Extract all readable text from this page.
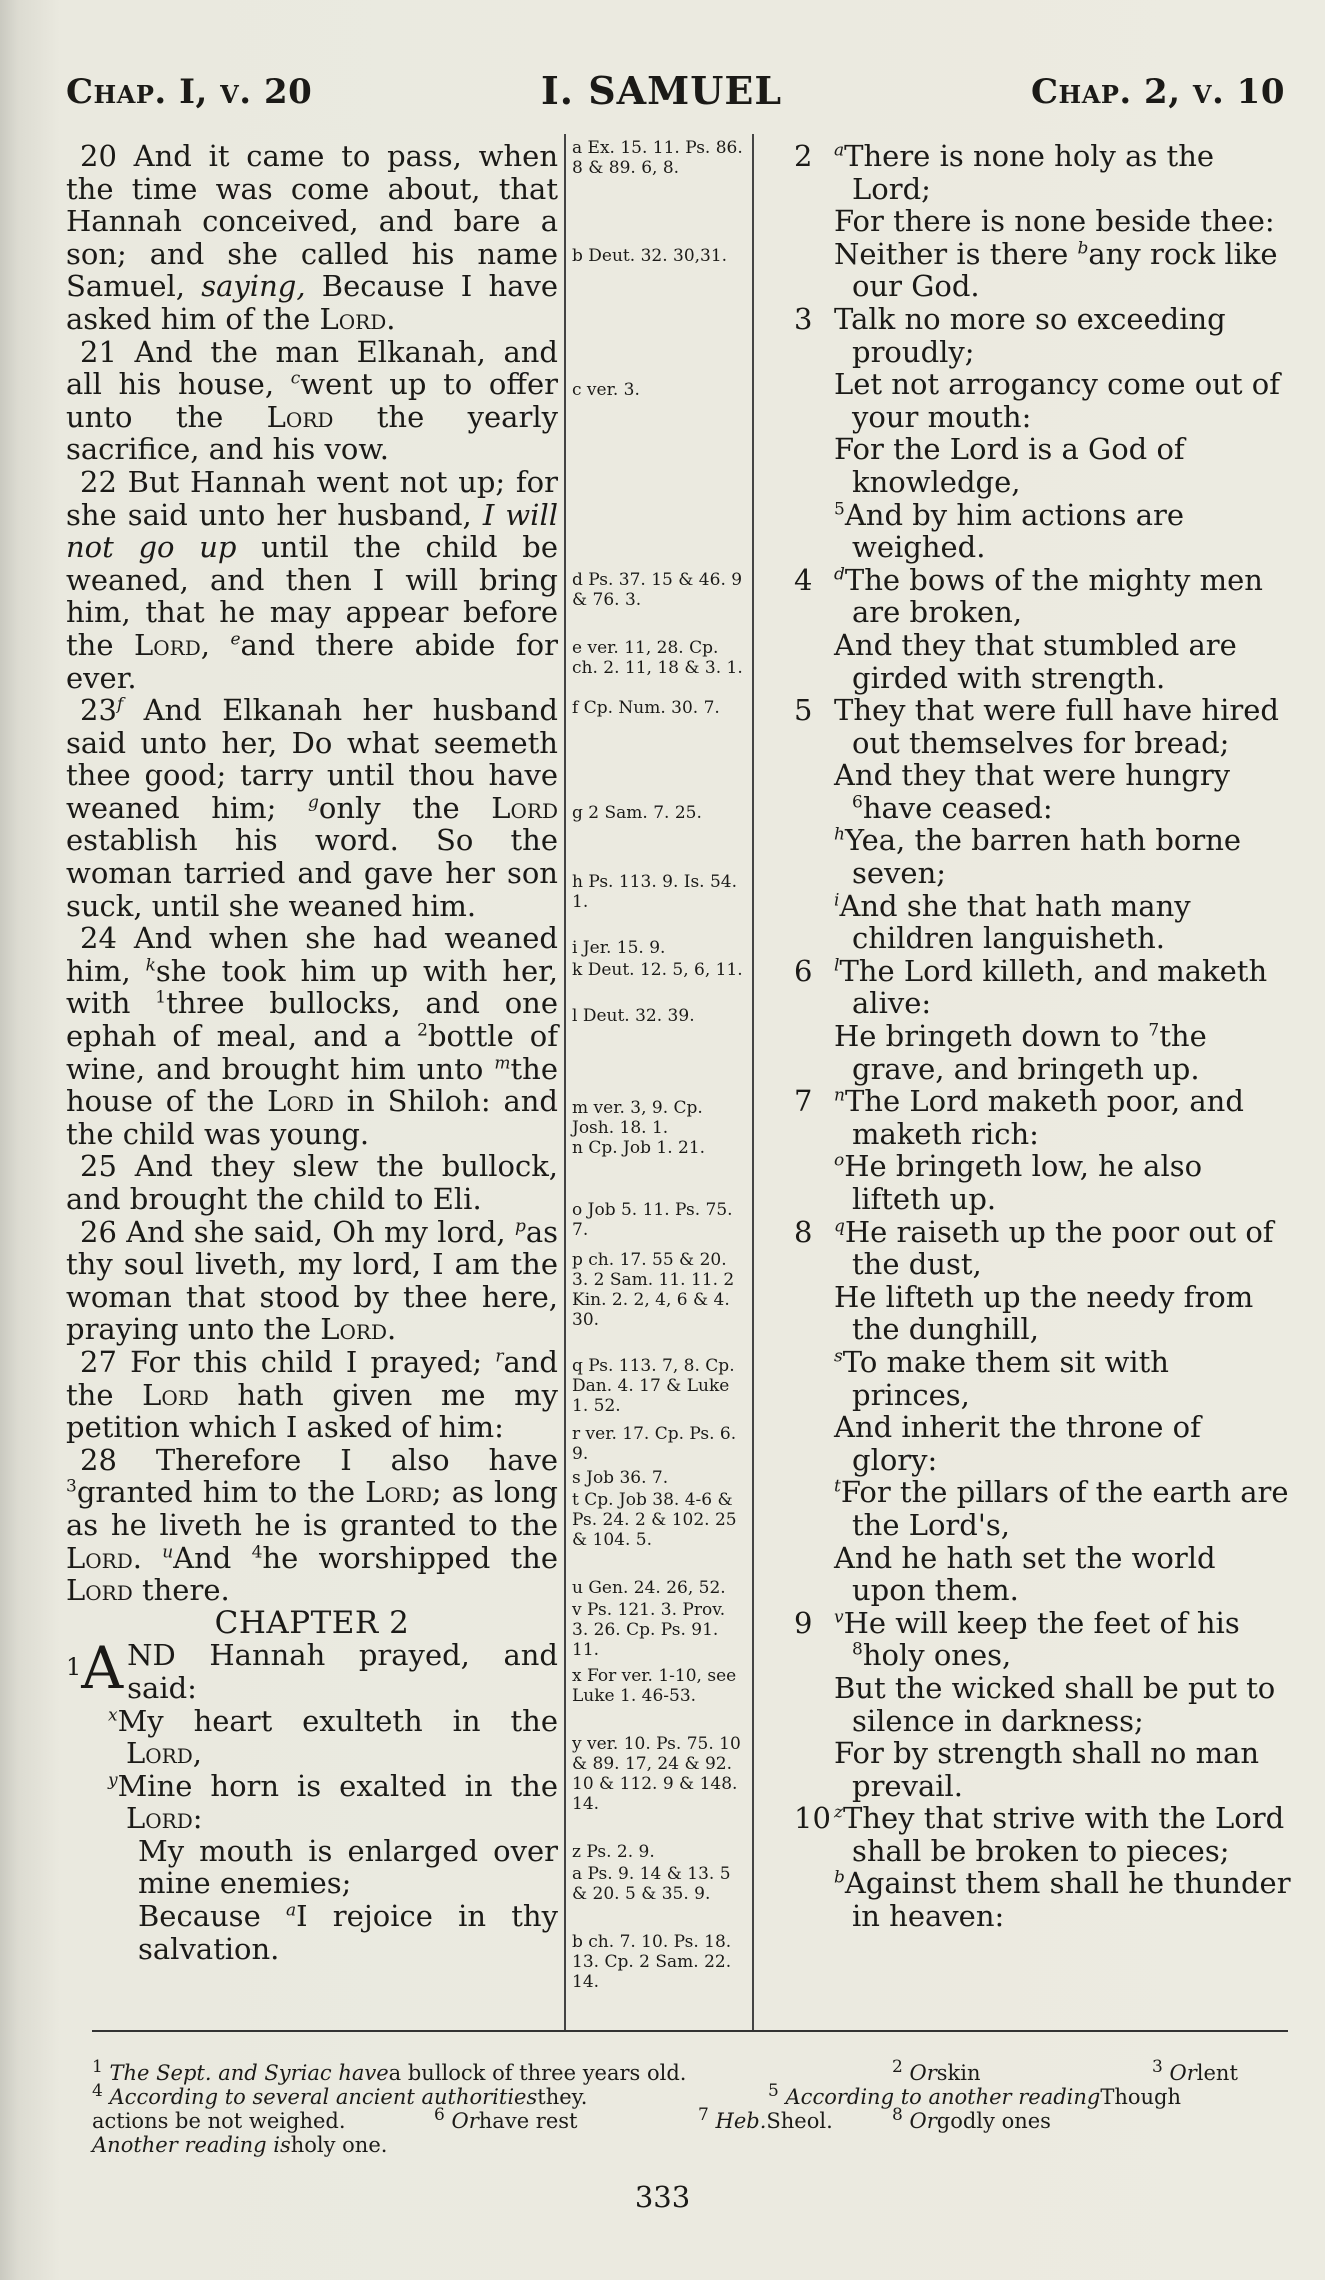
Chap. I, v. 20	I. SAMUEL	Chap. 2, v. 10

20 And it came to pass, when the time was come about, that Hannah conceived, and bare a son; and she called his name Samuel, saying, Because I have asked him of the Lord.

21 And the man Elkanah, and all his house, $^c$went up to offer unto the Lord the yearly sacrifice, and his vow.

22 But Hannah went not up; for she said unto her husband, I will not go up until the child be weaned, and then I will bring him, that he may appear before the Lord, $^e$and there abide for ever.

23$^f$ And Elkanah her husband said unto her, Do what seemeth thee good; tarry until thou have weaned him; $^g$only the Lord establish his word. So the woman tarried and gave her son suck, until she weaned him.

24 And when she had weaned him, $^k$she took him up with her, with $^1$three bullocks, and one ephah of meal, and a $^2$bottle of wine, and brought him unto $^m$the house of the Lord in Shiloh: and the child was young.

25 And they slew the bullock, and brought the child to Eli.

26 And she said, Oh my lord, $^p$as thy soul liveth, my lord, I am the woman that stood by thee here, praying unto the Lord.

27 For this child I prayed; $^r$and the Lord hath given me my petition which I asked of him:

28 Therefore I also have $^3$granted him to the Lord; as long as he liveth he is granted to the Lord. $^u$And $^4$he worshipped the Lord there.

CHAPTER 2

1 A ND Hannah prayed, and said:

$^x$My heart exulteth in the Lord,

$^y$Mine horn is exalted in the Lord:

My mouth is enlarged over mine enemies;

Because $^a$I rejoice in thy salvation.

a Ex. 15. 11. Ps. 86. 8 & 89. 6, 8.
b Deut. 32. 30,31.
c ver. 3.
d Ps. 37. 15 & 46. 9 & 76. 3.
e ver. 11, 28. Cp. ch. 2. 11, 18 & 3. 1.
f Cp. Num. 30. 7.
g 2 Sam. 7. 25.
h Ps. 113. 9. Is. 54. 1.
i Jer. 15. 9.
k Deut. 12. 5, 6, 11.
l Deut. 32. 39.
m ver. 3, 9. Cp. Josh. 18. 1.
n Cp. Job 1. 21.
o Job 5. 11. Ps. 75. 7.
p ch. 17. 55 & 20. 3. 2 Sam. 11. 11. 2 Kin. 2. 2, 4, 6 & 4. 30.
q Ps. 113. 7, 8. Cp. Dan. 4. 17 & Luke 1. 52.
r ver. 17. Cp. Ps. 6. 9.
s Job 36. 7.
t Cp. Job 38. 4-6 & Ps. 24. 2 & 102. 25 & 104. 5.
u Gen. 24. 26, 52.
v Ps. 121. 3. Prov. 3. 26. Cp. Ps. 91. 11.
x For ver. 1-10, see Luke 1. 46-53.
y ver. 10. Ps. 75. 10 & 89. 17, 24 & 92. 10 & 112. 9 & 148. 14.
z Ps. 2. 9.
a Ps. 9. 14 & 13. 5 & 20. 5 & 35. 9.
b ch. 7. 10. Ps. 18. 13. Cp. 2 Sam. 22. 14.

2	$^a$There is none holy as the Lord;

For there is none beside thee:

Neither is there $^b$any rock like our God.

3 Talk no more so exceeding proudly;

Let not arrogancy come out of your mouth:

For the Lord is a God of knowledge,

$^5$And by him actions are weighed.

4	$^d$The bows of the mighty men are broken,

And they that stumbled are girded with strength.

5 They that were full have hired out themselves for bread;

And they that were hungry $^6$have ceased:

$^h$Yea, the barren hath borne seven;

$^i$And she that hath many children languisheth.

6	$^l$The Lord killeth, and maketh alive:

He bringeth down to $^7$the grave, and bringeth up.

7	$^n$The Lord maketh poor, and maketh rich:

$^o$He bringeth low, he also lifteth up.

8	$^q$He raiseth up the poor out of the dust,

He lifteth up the needy from the dunghill,

$^s$To make them sit with princes,

And inherit the throne of glory:

$^t$For the pillars of the earth are the Lord's,

And he hath set the world upon them.

9	$^v$He will keep the feet of his $^8$holy ones,

But the wicked shall be put to silence in darkness;

For by strength shall no man prevail.

10 $^z$They that strive with the Lord shall be broken to pieces;

$^b$Against them shall he thunder in heaven:

$^1$ The Sept. and Syriac have a bullock of three years old.	$^2$ Or skin	$^3$ Or lent
$^4$ According to several ancient authorities they.	$^5$ According to another reading Though
actions be not weighed.	$^6$ Or have rest	$^7$ Heb. Sheol.	$^8$ Or godly ones
Another reading is holy one.
333
